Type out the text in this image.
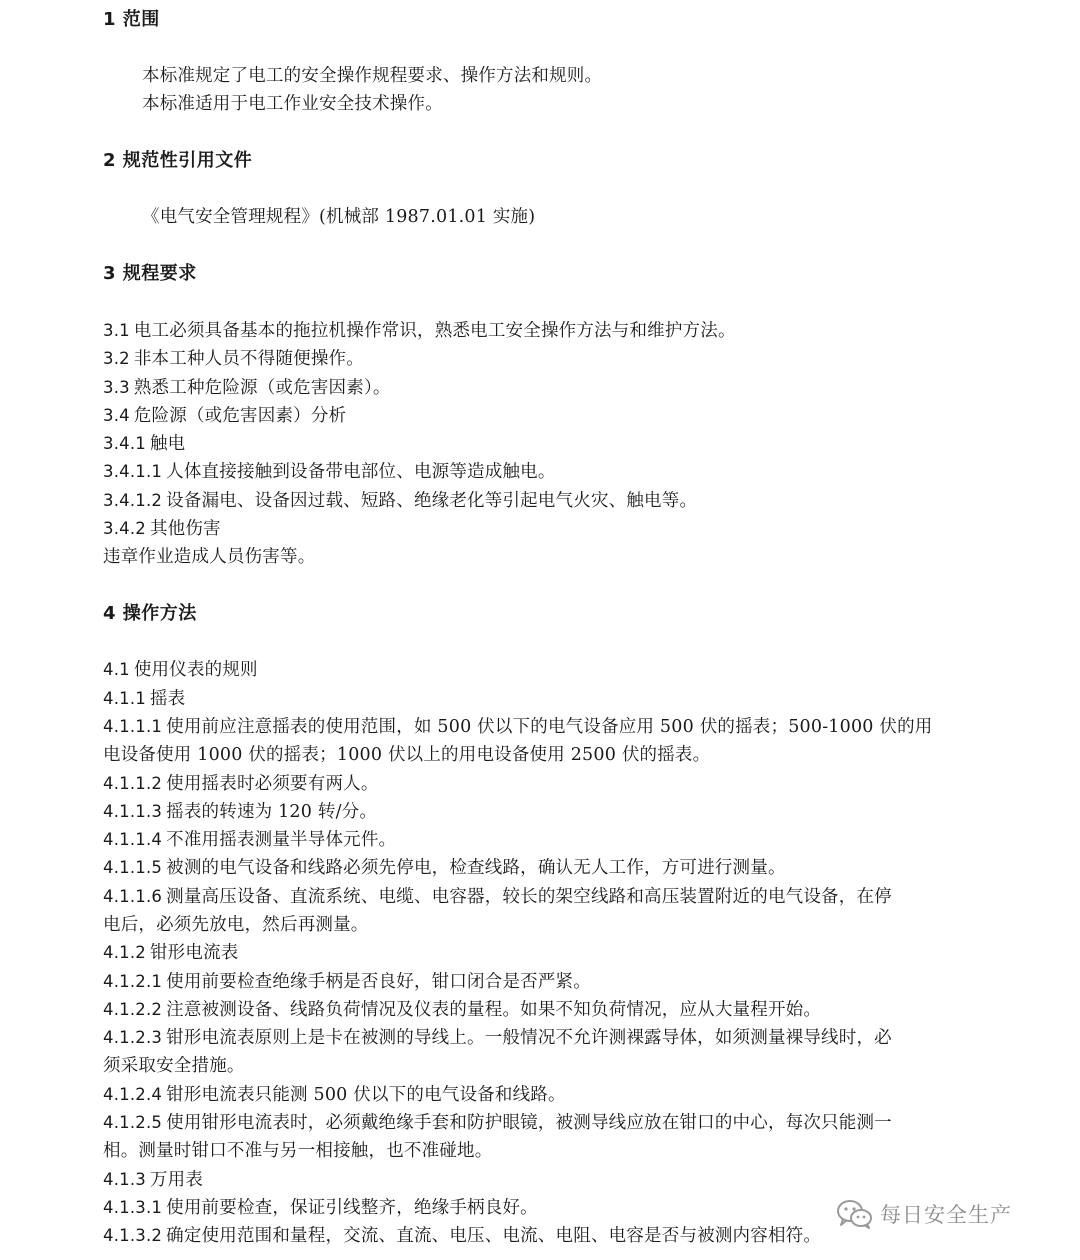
1 范围
本标准规定了电工的安全操作规程要求、操作方法和规则。
本标准适用于电工作业安全技术操作。
2 规范性引用文件
《电气安全管理规程》(机械部 1987.01.01 实施)
3 规程要求
3.1 电工必须具备基本的拖拉机操作常识，熟悉电工安全操作方法与和维护方法。
3.2 非本工种人员不得随便操作。
3.3 熟悉工种危险源（或危害因素）。
3.4 危险源（或危害因素）分析
3.4.1 触电
3.4.1.1 人体直接接触到设备带电部位、电源等造成触电。
3.4.1.2 设备漏电、设备因过载、短路、绝缘老化等引起电气火灾、触电等。
3.4.2 其他伤害
违章作业造成人员伤害等。
4 操作方法
4.1 使用仪表的规则
4.1.1 摇表
4.1.1.1 使用前应注意摇表的使用范围，如 500 伏以下的电气设备应用 500 伏的摇表；500-1000 伏的用
电设备使用 1000 伏的摇表；1000 伏以上的用电设备使用 2500 伏的摇表。
4.1.1.2 使用摇表时必须要有两人。
4.1.1.3 摇表的转速为 120 转/分。
4.1.1.4 不准用摇表测量半导体元件。
4.1.1.5 被测的电气设备和线路必须先停电，检查线路，确认无人工作，方可进行测量。
4.1.1.6 测量高压设备、直流系统、电缆、电容器，较长的架空线路和高压装置附近的电气设备，在停
电后，必须先放电，然后再测量。
4.1.2 钳形电流表
4.1.2.1 使用前要检查绝缘手柄是否良好，钳口闭合是否严紧。
4.1.2.2 注意被测设备、线路负荷情况及仪表的量程。如果不知负荷情况，应从大量程开始。
4.1.2.3 钳形电流表原则上是卡在被测的导线上。一般情况不允许测裸露导体，如须测量裸导线时，必
须采取安全措施。
4.1.2.4 钳形电流表只能测 500 伏以下的电气设备和线路。
4.1.2.5 使用钳形电流表时，必须戴绝缘手套和防护眼镜，被测导线应放在钳口的中心，每次只能测一
相。测量时钳口不准与另一相接触，也不准碰地。
4.1.3 万用表
4.1.3.1 使用前要检查，保证引线整齐，绝缘手柄良好。
4.1.3.2 确定使用范围和量程，交流、直流、电压、电流、电阻、电容是否与被测内容相符。
每日安全生产
